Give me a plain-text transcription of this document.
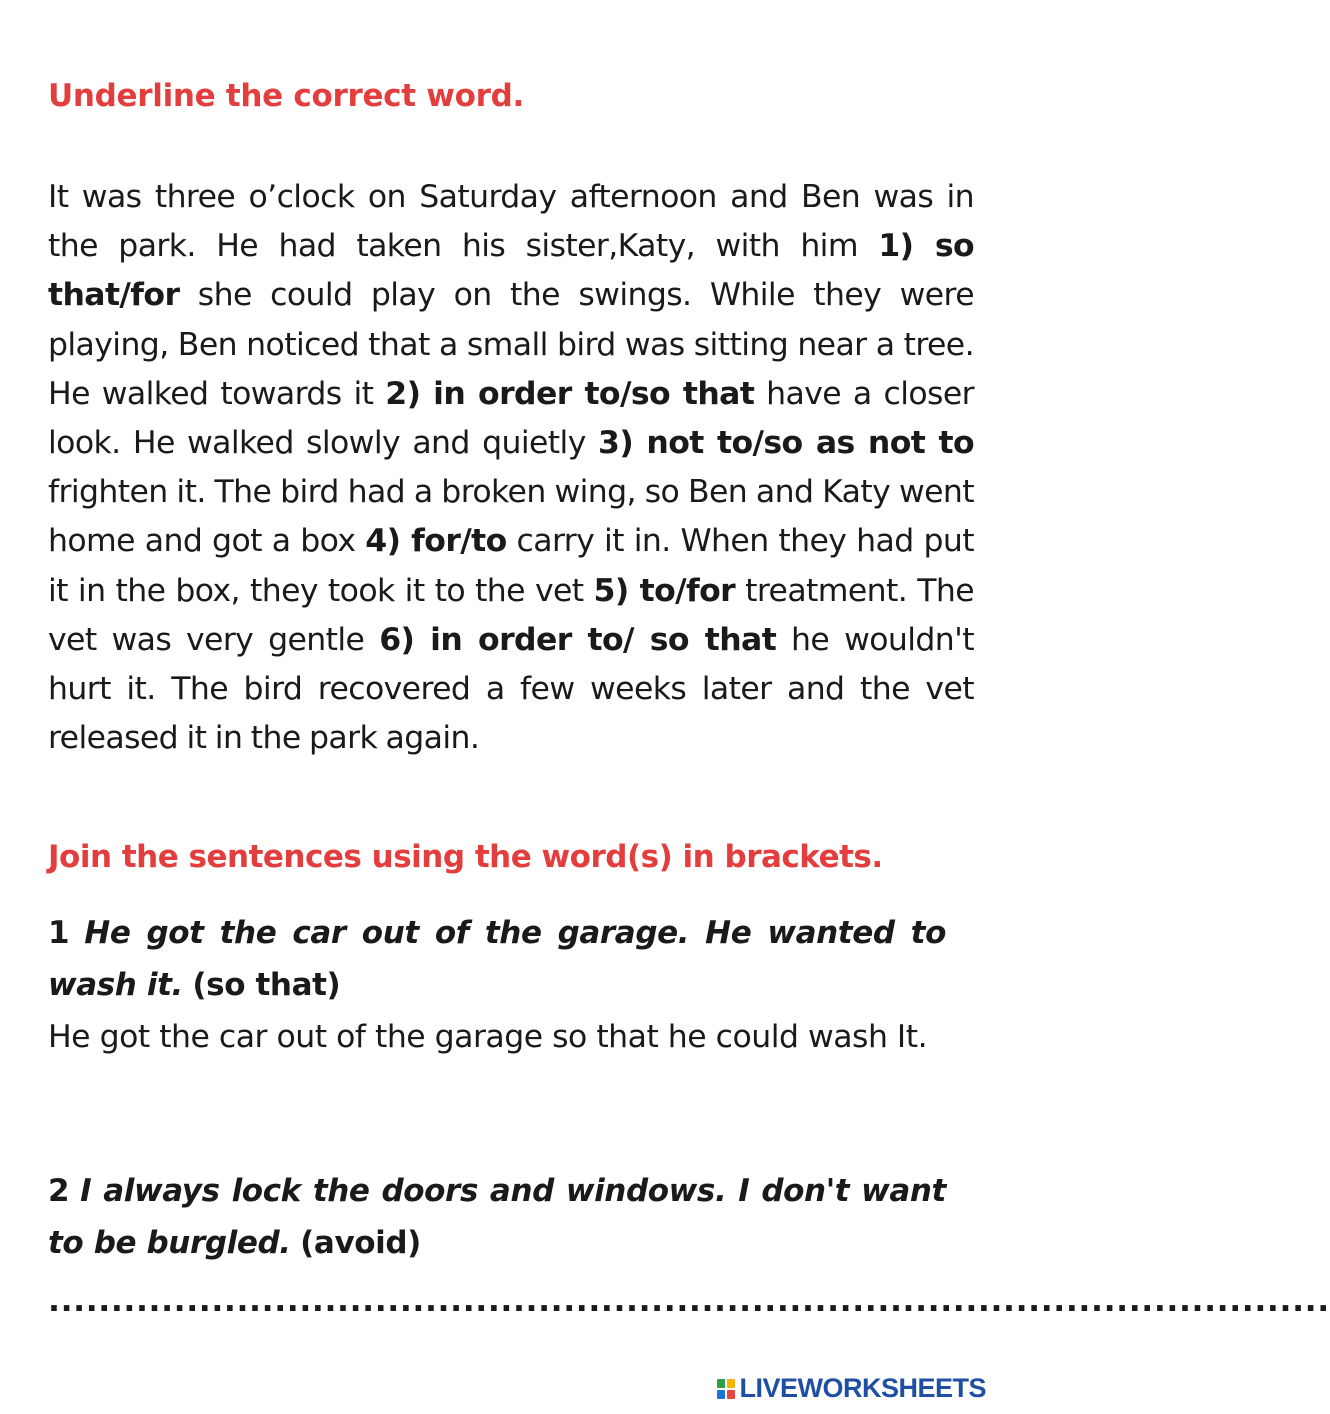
Underline the correct word.

It was three o’clock on Saturday afternoon and Ben was in the park. He had taken his sister,Katy, with him 1) so that/for she could play on the swings. While they were playing, Ben noticed that a small bird was sitting near a tree. He walked towards it 2) in order to/so that have a closer look. He walked slowly and quietly 3) not to/so as not to frighten it. The bird had a broken wing, so Ben and Katy went home and got a box 4) for/to carry it in. When they had put it in the box, they took it to the vet 5) to/for treatment. The vet was very gentle 6) in order to/ so that he wouldn't hurt it. The bird recovered a few weeks later and the vet released it in the park again.

Join the sentences using the word(s) in brackets.

1 He got the car out of the garage. He wanted to wash it. (so that)

He got the car out of the garage so that he could wash It.

2 I always lock the doors and windows. I don't want to be burgled. (avoid)

......................................................................................................

LIVEWORKSHEETS
